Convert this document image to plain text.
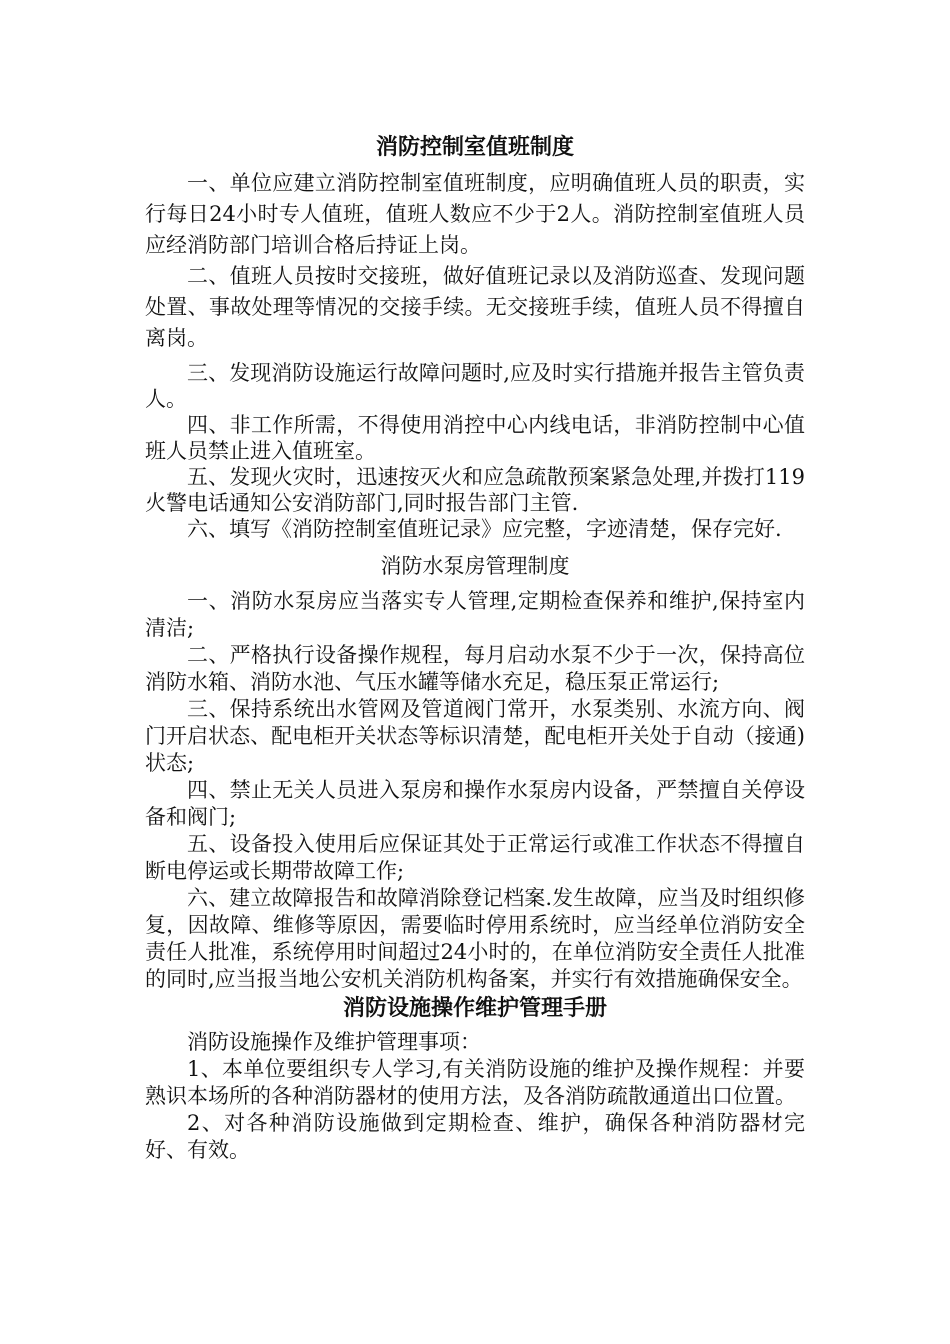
消防控制室值班制度

一、单位应建立消防控制室值班制度，应明确值班人员的职责，实行每日24小时专人值班，值班人数应不少于2人。消防控制室值班人员应经消防部门培训合格后持证上岗。

二、值班人员按时交接班，做好值班记录以及消防巡查、发现问题处置、事故处理等情况的交接手续。无交接班手续，值班人员不得擅自离岗。

三、发现消防设施运行故障问题时,应及时实行措施并报告主管负责人。

四、非工作所需，不得使用消控中心内线电话，非消防控制中心值班人员禁止进入值班室。

五、发现火灾时，迅速按灭火和应急疏散预案紧急处理,并拨打119火警电话通知公安消防部门,同时报告部门主管.

六、填写《消防控制室值班记录》应完整，字迹清楚，保存完好.

消防水泵房管理制度

一、消防水泵房应当落实专人管理,定期检查保养和维护,保持室内清洁;

二、严格执行设备操作规程，每月启动水泵不少于一次，保持高位消防水箱、消防水池、气压水罐等储水充足，稳压泵正常运行;

三、保持系统出水管网及管道阀门常开，水泵类别、水流方向、阀门开启状态、配电柜开关状态等标识清楚，配电柜开关处于自动（接通)状态;

四、禁止无关人员进入泵房和操作水泵房内设备，严禁擅自关停设备和阀门;

五、设备投入使用后应保证其处于正常运行或准工作状态不得擅自断电停运或长期带故障工作;

六、建立故障报告和故障消除登记档案.发生故障，应当及时组织修复，因故障、维修等原因，需要临时停用系统时，应当经单位消防安全责任人批准，系统停用时间超过24小时的，在单位消防安全责任人批准的同时,应当报当地公安机关消防机构备案，并实行有效措施确保安全。

消防设施操作维护管理手册

消防设施操作及维护管理事项：

1、本单位要组织专人学习,有关消防设施的维护及操作规程：并要熟识本场所的各种消防器材的使用方法，及各消防疏散通道出口位置。

2、对各种消防设施做到定期检查、维护，确保各种消防器材完好、有效。
